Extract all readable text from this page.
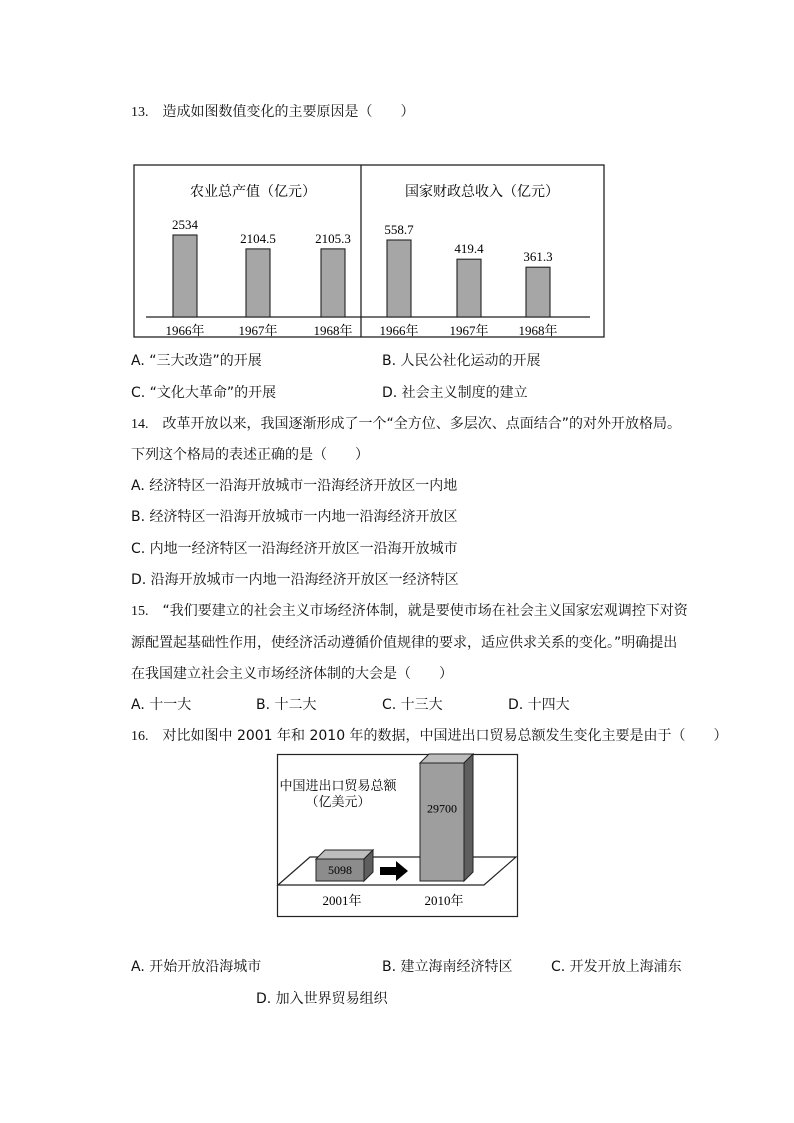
13. 造成如图数值变化的主要原因是（　　）
农业总产值（亿元）	国家财政总收入（亿元）
2534
1966年
2104.5
1967年
2105.3
1968年
558.7
1966年
419.4
1967年
361.3
1968年
A. “三大改造”的开展	B. 人民公社化运动的开展
C. “文化大革命”的开展	D. 社会主义制度的建立
14. 改革开放以来，我国逐渐形成了一个“全方位、多层次、点面结合”的对外开放格局。
下列这个格局的表述正确的是（　　）
A. 经济特区一沿海开放城市一沿海经济开放区一内地
B. 经济特区一沿海开放城市一内地一沿海经济开放区
C. 内地一经济特区一沿海经济开放区一沿海开放城市
D. 沿海开放城市一内地一沿海经济开放区一经济特区
15. “我们要建立的社会主义市场经济体制，就是要使市场在社会主义国家宏观调控下对资
源配置起基础性作用，使经济活动遵循价值规律的要求，适应供求关系的变化。”明确提出
在我国建立社会主义市场经济体制的大会是（　　）
A. 十一大	B. 十二大	C. 十三大	D. 十四大
16. 对比如图中 2001 年和 2010 年的数据，中国进出口贸易总额发生变化主要是由于（　　）
中国进出口贸易总额
（亿美元）
5098
2001年
29700
2010年
A. 开始开放沿海城市	B. 建立海南经济特区	C. 开发开放上海浦东
D. 加入世界贸易组织
